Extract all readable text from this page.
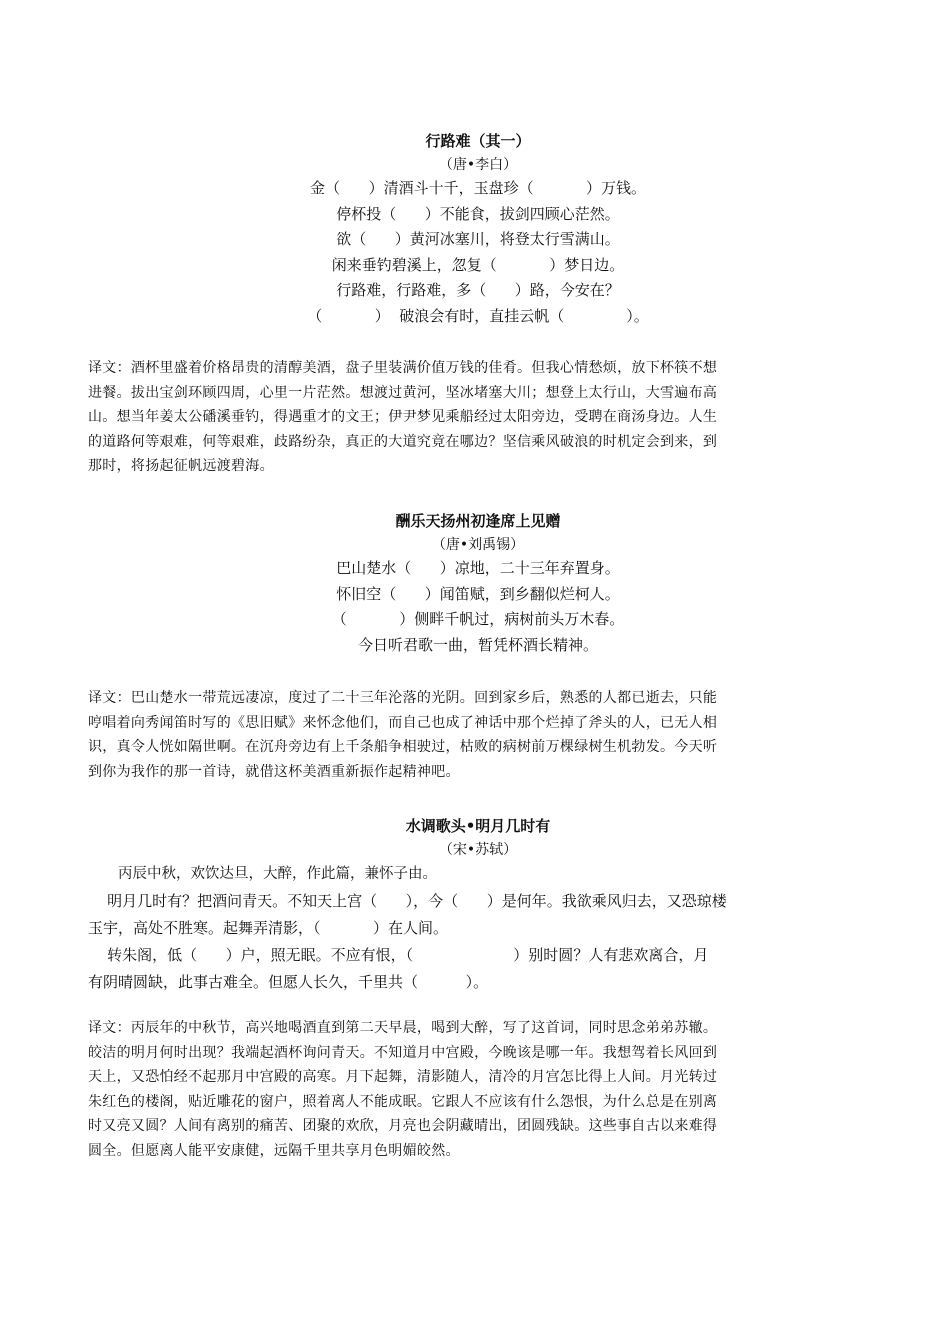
行路难（其一）
（唐•李白）
金（      ）清酒斗十千，玉盘珍（           ）万钱。
停杯投（      ）不能食，拔剑四顾心茫然。
欲（      ）黄河冰塞川，将登太行雪满山。
闲来垂钓碧溪上，忽复（           ）梦日边。
行路难，行路难，多（      ）路，今安在？
（           ）  破浪会有时，直挂云帆（             ）。
译文：酒杯里盛着价格昂贵的清醇美酒，盘子里装满价值万钱的佳肴。但我心情愁烦，放下杯筷不想
进餐。拔出宝剑环顾四周，心里一片茫然。想渡过黄河，坚冰堵塞大川；想登上太行山，大雪遍布高
山。想当年姜太公磻溪垂钓，得遇重才的文王；伊尹梦见乘船经过太阳旁边，受聘在商汤身边。人生
的道路何等艰难，何等艰难，歧路纷杂，真正的大道究竟在哪边？坚信乘风破浪的时机定会到来，到
那时，将扬起征帆远渡碧海。
酬乐天扬州初逢席上见赠
（唐•刘禹锡）
巴山楚水（      ）凉地，二十三年弃置身。
怀旧空（      ）闻笛赋，到乡翻似烂柯人。
（           ）侧畔千帆过，病树前头万木春。
今日听君歌一曲，暂凭杯酒长精神。
译文：巴山楚水一带荒远凄凉，度过了二十三年沦落的光阴。回到家乡后，熟悉的人都已逝去，只能
哼唱着向秀闻笛时写的《思旧赋》来怀念他们，而自己也成了神话中那个烂掉了斧头的人，已无人相
识，真令人恍如隔世啊。在沉舟旁边有上千条船争相驶过，枯败的病树前万棵绿树生机勃发。今天听
到你为我作的那一首诗，就借这杯美酒重新振作起精神吧。
水调歌头•明月几时有
（宋•苏轼）
丙辰中秋，欢饮达旦，大醉，作此篇，兼怀子由。
明月几时有？把酒问青天。不知天上宫（      ），今（      ）是何年。我欲乘风归去，又恐琼楼
玉宇，高处不胜寒。起舞弄清影，（           ）在人间。
转朱阁，低（      ）户，照无眠。不应有恨，（                     ）别时圆？人有悲欢离合，月
有阴晴圆缺，此事古难全。但愿人长久，千里共（          ）。
译文：丙辰年的中秋节，高兴地喝酒直到第二天早晨，喝到大醉，写了这首词，同时思念弟弟苏辙。
皎洁的明月何时出现？我端起酒杯询问青天。不知道月中宫殿，今晚该是哪一年。我想驾着长风回到
天上，又恐怕经不起那月中宫殿的高寒。月下起舞，清影随人，清冷的月宫怎比得上人间。月光转过
朱红色的楼阁，贴近雕花的窗户，照着离人不能成眠。它跟人不应该有什么怨恨，为什么总是在别离
时又亮又圆？人间有离别的痛苦、团聚的欢欣，月亮也会阴藏晴出，团圆残缺。这些事自古以来难得
圆全。但愿离人能平安康健，远隔千里共享月色明媚皎然。
